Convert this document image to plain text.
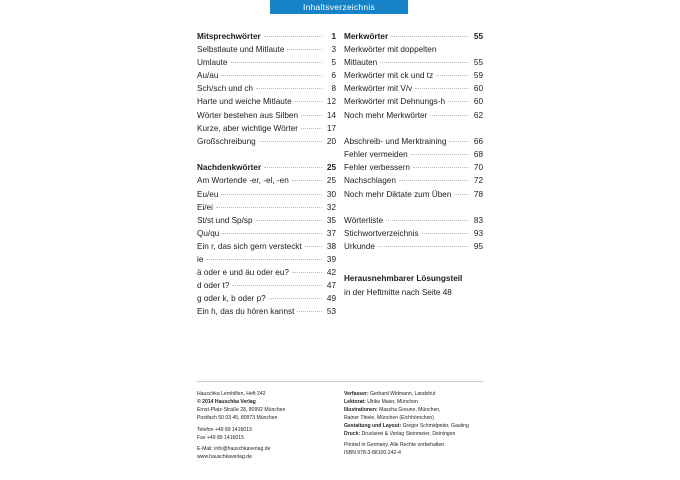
Inhaltsverzeichnis
Mitsprechwörter	1
Selbstlaute und Mitlaute	3
Umlaute	5
Au/au	6
Sch/sch und ch	8
Harte und weiche Mitlaute	12
Wörter bestehen aus Silben	14
Kurze, aber wichtige Wörter	17
Großschreibung	20
Nachdenkwörter	25
Am Wortende -er, -el, -en	25
Eu/eu	30
Ei/ei	32
St/st und Sp/sp	35
Qu/qu	37
Ein r, das sich gern versteckt	38
ie	39
ä oder e und äu oder eu?	42
d oder t?	47
g oder k, b oder p?	49
Ein h, das du hören kannst	53
Merkwörter	55
Merkwörter mit doppelten
Mitlauten	55
Merkwörter mit ck und tz	59
Merkwörter mit V/v	60
Merkwörter mit Dehnungs-h	60
Noch mehr Merkwörter	62
Abschreib- und Merktraining	66
Fehler vermeiden	68
Fehler verbessern	70
Nachschlagen	72
Noch mehr Diktate zum Üben	78
Wörterliste	83
Stichwortverzeichnis	93
Urkunde	95
Herausnehmbarer Lösungsteil
in der Heftmitte nach Seite 48
Hauschka Lernhilfen, Heft 242
© 2014 Hauschka Verlag
Ernst-Platz-Straße 28, 80992 München
Postfach 50 03 45, 80973 München
Telefon +49 89 1416013
Fax +49 89 1416015
E-Mail: info@hauschkaverlag.de
www.hauschkaverlag.de
Verfasser: Gerhard Widmann, Landshut
Lektorat: Ulrike Maier, München
Illustrationen: Mascha Greune, München,
Rainer Thiele, München (Eichhörnchen)
Gestaltung und Layout: Gregor Schmidpeter, Gauting
Druck: Druckerei & Verlag Steinmeier, Deiningen
Printed in Germany. Alle Rechte vorbehalten.
ISBN 978-3-88100-242-4
